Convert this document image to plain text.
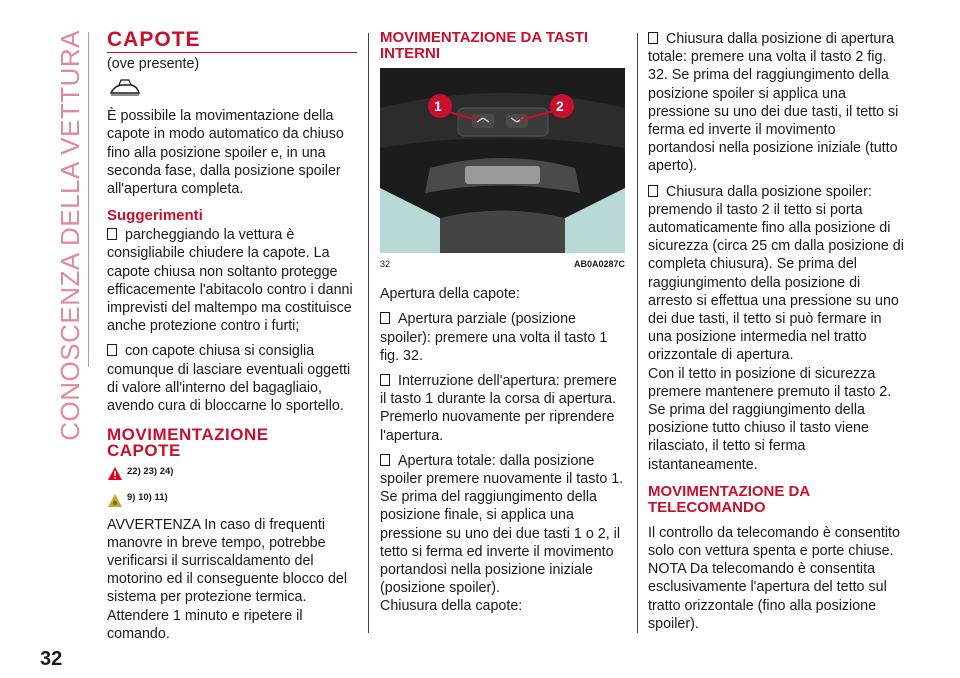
CONOSCENZA DELLA VETTURA CAPOTE

(ove presente)

È possibile la movimentazione della capote in modo automatico da chiuso fino alla posizione spoiler e, in una seconda fase, dalla posizione spoiler all'apertura completa.

Suggerimenti

parcheggiando la vettura è consigliabile chiudere la capote. La capote chiusa non soltanto protegge efficacemente l'abitacolo contro i danni imprevisti del maltempo ma costituisce anche protezione contro i furti;

con capote chiusa si consiglia comunque di lasciare eventuali oggetti di valore all'interno del bagagliaio, avendo cura di bloccarne lo sportello.

MOVIMENTAZIONE CAPOTE
22) 23) 24)
9) 10) 11)

AVVERTENZA In caso di frequenti manovre in breve tempo, potrebbe verificarsi il surriscaldamento del motorino ed il conseguente blocco del sistema per protezione termica. Attendere 1 minuto e ripetere il comando.

MOVIMENTAZIONE DA TASTI INTERNI
1	2
32	AB0A0287C

Apertura della capote:

Apertura parziale (posizione spoiler): premere una volta il tasto 1 fig. 32.

Interruzione dell'apertura: premere il tasto 1 durante la corsa di apertura. Premerlo nuovamente per riprendere l'apertura.

Apertura totale: dalla posizione spoiler premere nuovamente il tasto 1. Se prima del raggiungimento della posizione finale, si applica una pressione su uno dei due tasti 1 o 2, il tetto si ferma ed inverte il movimento portandosi nella posizione iniziale (posizione spoiler).

Chiusura della capote:

Chiusura dalla posizione di apertura totale: premere una volta il tasto 2 fig. 32. Se prima del raggiungimento della posizione spoiler si applica una pressione su uno dei due tasti, il tetto si ferma ed inverte il movimento portandosi nella posizione iniziale (tutto aperto).

Chiusura dalla posizione spoiler: premendo il tasto 2 il tetto si porta automaticamente fino alla posizione di sicurezza (circa 25 cm dalla posizione di completa chiusura). Se prima del raggiungimento della posizione di arresto si effettua una pressione su uno dei due tasti, il tetto si può fermare in una posizione intermedia nel tratto orizzontale di apertura.

Con il tetto in posizione di sicurezza premere mantenere premuto il tasto 2. Se prima del raggiungimento della posizione tutto chiuso il tasto viene rilasciato, il tetto si ferma istantaneamente.

MOVIMENTAZIONE DA TELECOMANDO

Il controllo da telecomando è consentito solo con vettura spenta e porte chiuse.

NOTA Da telecomando è consentita esclusivamente l'apertura del tetto sul tratto orizzontale (fino alla posizione spoiler).

32
